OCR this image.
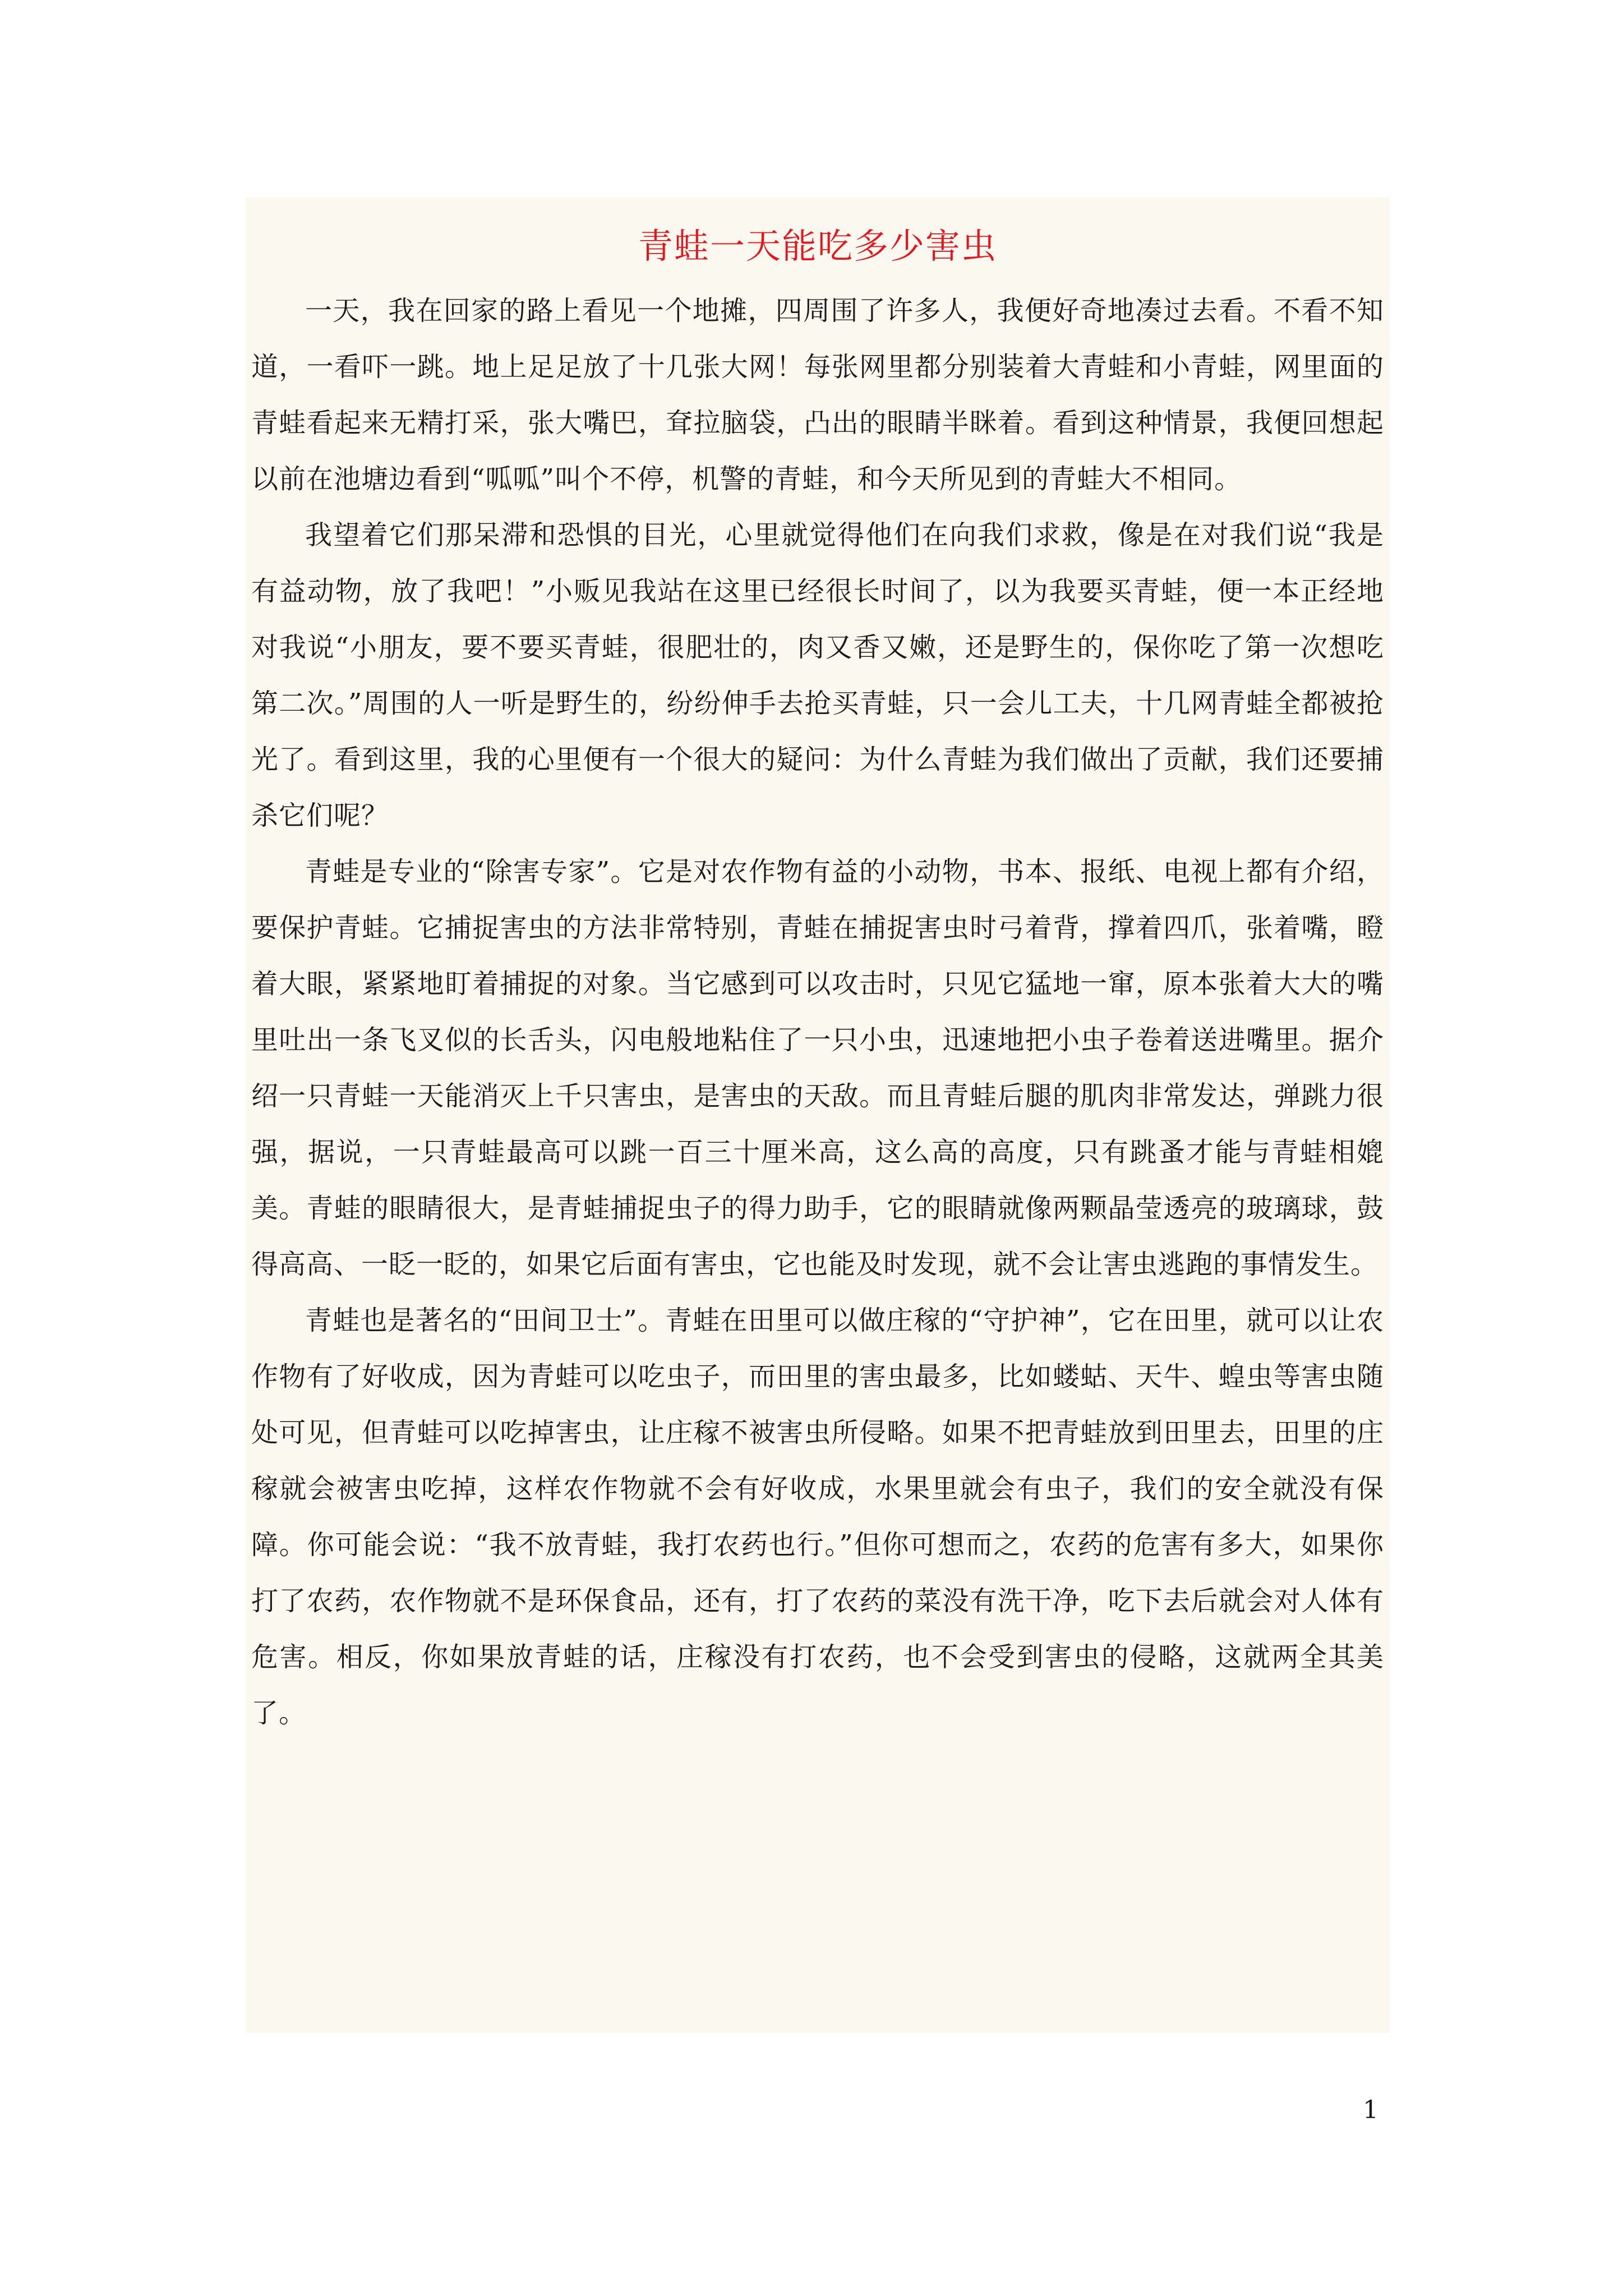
青蛙一天能吃多少害虫

一天，我在回家的路上看见一个地摊，四周围了许多人，我便好奇地凑过去看。不看不知道，一看吓一跳。地上足足放了十几张大网！每张网里都分别装着大青蛙和小青蛙，网里面的青蛙看起来无精打采，张大嘴巴，耷拉脑袋，凸出的眼睛半眯着。看到这种情景，我便回想起以前在池塘边看到“呱呱”叫个不停，机警的青蛙，和今天所见到的青蛙大不相同。

我望着它们那呆滞和恐惧的目光，心里就觉得他们在向我们求救，像是在对我们说“我是有益动物，放了我吧！”小贩见我站在这里已经很长时间了，以为我要买青蛙，便一本正经地对我说“小朋友，要不要买青蛙，很肥壮的，肉又香又嫩，还是野生的，保你吃了第一次想吃第二次。”周围的人一听是野生的，纷纷伸手去抢买青蛙，只一会儿工夫，十几网青蛙全都被抢光了。看到这里，我的心里便有一个很大的疑问：为什么青蛙为我们做出了贡献，我们还要捕杀它们呢？

青蛙是专业的“除害专家”。它是对农作物有益的小动物，书本、报纸、电视上都有介绍，要保护青蛙。它捕捉害虫的方法非常特别，青蛙在捕捉害虫时弓着背，撑着四爪，张着嘴，瞪着大眼，紧紧地盯着捕捉的对象。当它感到可以攻击时，只见它猛地一窜，原本张着大大的嘴里吐出一条飞叉似的长舌头，闪电般地粘住了一只小虫，迅速地把小虫子卷着送进嘴里。据介绍一只青蛙一天能消灭上千只害虫，是害虫的天敌。而且青蛙后腿的肌肉非常发达，弹跳力很强，据说，一只青蛙最高可以跳一百三十厘米高，这么高的高度，只有跳蚤才能与青蛙相媲美。青蛙的眼睛很大，是青蛙捕捉虫子的得力助手，它的眼睛就像两颗晶莹透亮的玻璃球，鼓得高高、一眨一眨的，如果它后面有害虫，它也能及时发现，就不会让害虫逃跑的事情发生。

青蛙也是著名的“田间卫士”。青蛙在田里可以做庄稼的“守护神”，它在田里，就可以让农作物有了好收成，因为青蛙可以吃虫子，而田里的害虫最多，比如蝼蛄、天牛、蝗虫等害虫随处可见，但青蛙可以吃掉害虫，让庄稼不被害虫所侵略。如果不把青蛙放到田里去，田里的庄稼就会被害虫吃掉，这样农作物就不会有好收成，水果里就会有虫子，我们的安全就没有保障。你可能会说：“我不放青蛙，我打农药也行。”但你可想而之，农药的危害有多大，如果你打了农药，农作物就不是环保食品，还有，打了农药的菜没有洗干净，吃下去后就会对人体有危害。相反，你如果放青蛙的话，庄稼没有打农药，也不会受到害虫的侵略，这就两全其美了。

1
